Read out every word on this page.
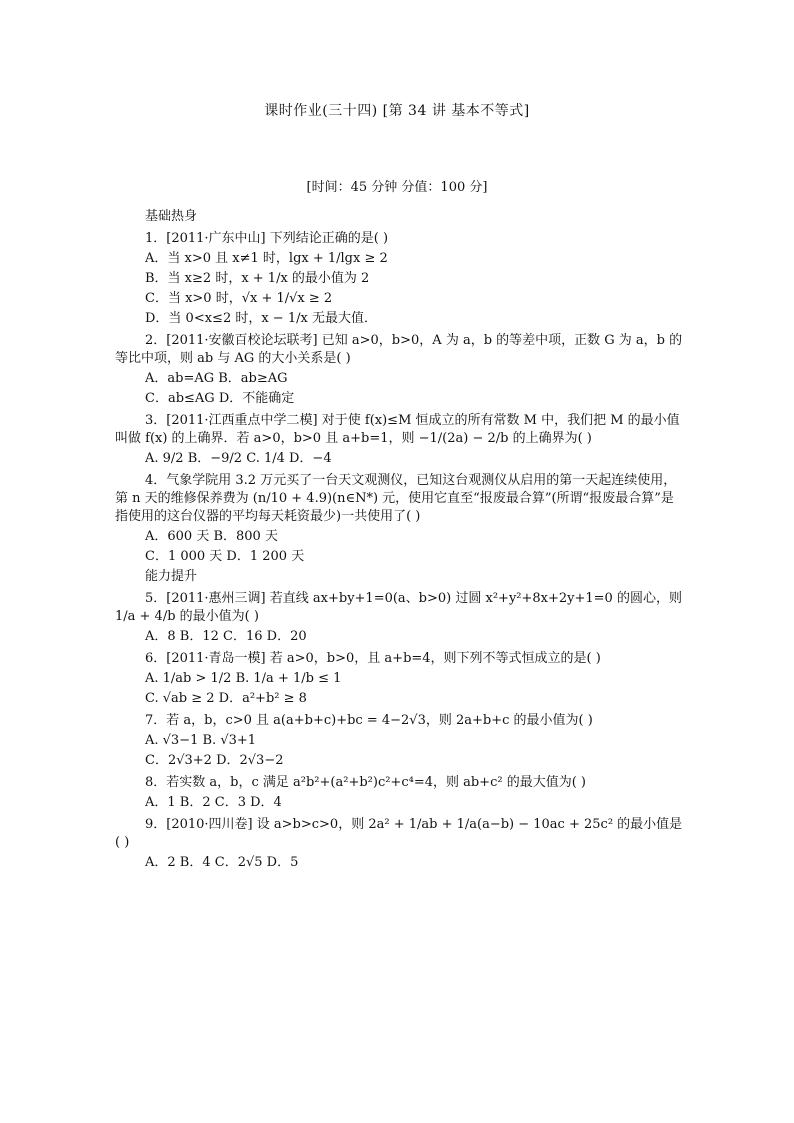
课时作业(三十四) [第 34 讲 基本不等式]
[时间：45 分钟 分值：100 分]
基础热身
1．[2011·广东中山] 下列结论正确的是( )
A．当 x>0 且 x≠1 时，lgx + 1/lgx ≥ 2
B．当 x≥2 时，x + 1/x 的最小值为 2
C．当 x>0 时，√x + 1/√x ≥ 2
D．当 0<x≤2 时，x − 1/x 无最大值．
2．[2011·安徽百校论坛联考] 已知 a>0，b>0，A 为 a，b 的等差中项，正数 G 为 a，b 的等比中项，则 ab 与 AG 的大小关系是( )
A．ab=AG B．ab≥AG
C．ab≤AG D．不能确定
3．[2011·江西重点中学二模] 对于使 f(x)≤M 恒成立的所有常数 M 中，我们把 M 的最小值叫做 f(x) 的上确界．若 a>0，b>0 且 a+b=1，则 −1/(2a) − 2/b 的上确界为( )
A. 9/2 B．−9/2 C. 1/4 D．−4
4．气象学院用 3.2 万元买了一台天文观测仪，已知这台观测仪从启用的第一天起连续使用，第 n 天的维修保养费为 (n/10 + 4.9)(n∈N*) 元，使用它直至“报废最合算”(所谓“报废最合算”是指使用的这台仪器的平均每天耗资最少)一共使用了( )
A．600 天 B．800 天
C．1 000 天 D．1 200 天
能力提升
5．[2011·惠州三调] 若直线 ax+by+1=0(a、b>0) 过圆 x²+y²+8x+2y+1=0 的圆心，则 1/a + 4/b 的最小值为( )
A．8 B．12 C．16 D．20
6．[2011·青岛一模] 若 a>0，b>0，且 a+b=4，则下列不等式恒成立的是( )
A. 1/ab > 1/2 B. 1/a + 1/b ≤ 1
C. √ab ≥ 2 D．a²+b² ≥ 8
7．若 a，b，c>0 且 a(a+b+c)+bc = 4−2√3，则 2a+b+c 的最小值为( )
A. √3−1 B. √3+1
C．2√3+2 D．2√3−2
8．若实数 a，b，c 满足 a²b²+(a²+b²)c²+c⁴=4，则 ab+c² 的最大值为( )
A．1 B．2 C．3 D．4
9．[2010·四川卷] 设 a>b>c>0，则 2a² + 1/ab + 1/a(a−b) − 10ac + 25c² 的最小值是( )
A．2 B．4 C．2√5 D．5
